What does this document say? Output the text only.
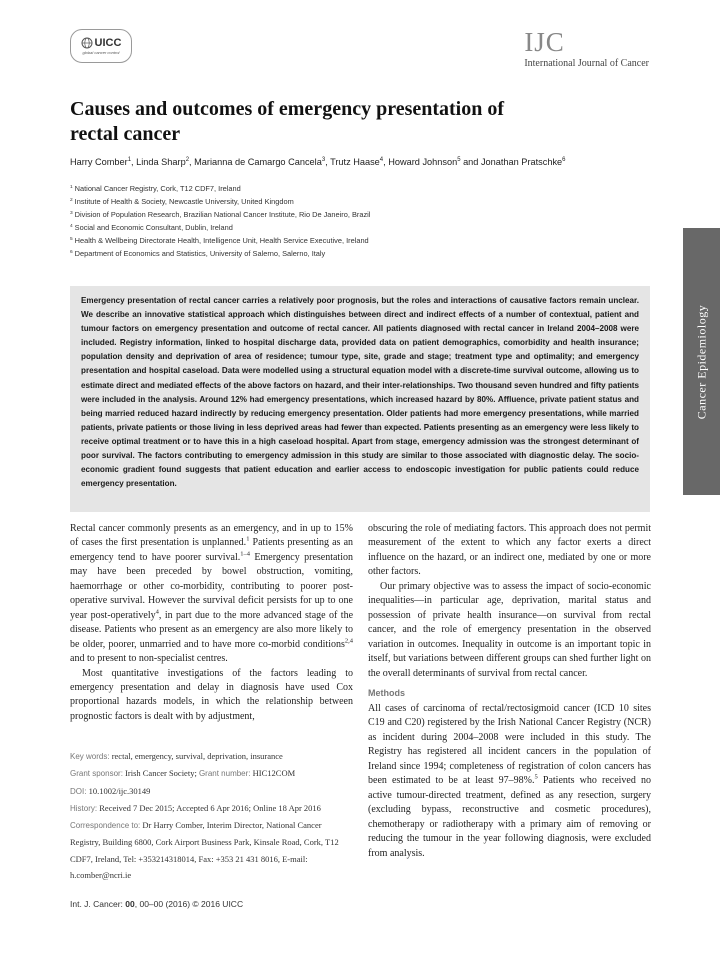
UICC
global cancer control	IJC
International Journal of Cancer
Causes and outcomes of emergency presentation of rectal cancer
Harry Comber$^1$, Linda Sharp$^2$, Marianna de Camargo Cancela$^3$, Trutz Haase$^4$, Howard Johnson$^5$ and Jonathan Pratschke$^6$
$^1$ National Cancer Registry, Cork, T12 CDF7, Ireland
$^2$ Institute of Health & Society, Newcastle University, United Kingdom
$^3$ Division of Population Research, Brazilian National Cancer Institute, Rio De Janeiro, Brazil
$^4$ Social and Economic Consultant, Dublin, Ireland
$^5$ Health & Wellbeing Directorate Health, Intelligence Unit, Health Service Executive, Ireland
$^6$ Department of Economics and Statistics, University of Salerno, Salerno, Italy
Emergency presentation of rectal cancer carries a relatively poor prognosis, but the roles and interactions of causative factors remain unclear. We describe an innovative statistical approach which distinguishes between direct and indirect effects of a number of contextual, patient and tumour factors on emergency presentation and outcome of rectal cancer. All patients diagnosed with rectal cancer in Ireland 2004–2008 were included. Registry information, linked to hospital discharge data, provided data on patient demographics, comorbidity and health insurance; population density and deprivation of area of residence; tumour type, site, grade and stage; treatment type and optimality; and emergency presentation and hospital caseload. Data were modelled using a structural equation model with a discrete-time survival outcome, allowing us to estimate direct and mediated effects of the above factors on hazard, and their inter-relationships. Two thousand seven hundred and fifty patients were included in the analysis. Around 12% had emergency presentations, which increased hazard by 80%. Affluence, private patient status and being married reduced hazard indirectly by reducing emergency presentation. Older patients had more emergency presentations, while married patients, private patients or those living in less deprived areas had fewer than expected. Patients presenting as an emergency were less likely to receive optimal treatment or to have this in a high caseload hospital. Apart from stage, emergency admission was the strongest determinant of poor survival. The factors contributing to emergency admission in this study are similar to those associated with diagnostic delay. The socio-economic gradient found suggests that patient education and earlier access to endoscopic investigation for public patients could reduce emergency presentation.
Cancer Epidemiology

Rectal cancer commonly presents as an emergency, and in up to 15% of cases the first presentation is unplanned.$^1$ Patients presenting as an emergency tend to have poorer survival.$^{1-4}$ Emergency presentation may have been preceded by bowel obstruction, vomiting, haemorrhage or other co-morbidity, contributing to poorer post-operative survival. However the survival deficit persists for up to one year post-operatively$^4$, in part due to the more advanced stage of the disease. Patients who present as an emergency are also more likely to be older, poorer, unmarried and to have more co-morbid conditions$^{2,4}$ and to present to non-specialist centres.

Most quantitative investigations of the factors leading to emergency presentation and delay in diagnosis have used Cox proportional hazards models, in which the relationship between prognostic factors is dealt with by adjustment,

Key words: rectal, emergency, survival, deprivation, insurance

Grant sponsor: Irish Cancer Society; Grant number: HIC12COM

DOI: 10.1002/ijc.30149

History: Received 7 Dec 2015; Accepted 6 Apr 2016; Online 18 Apr 2016

Correspondence to: Dr Harry Comber, Interim Director, National Cancer Registry, Building 6800, Cork Airport Business Park, Kinsale Road, Cork, T12 CDF7, Ireland, Tel: +353214318014, Fax: +353 21 431 8016, E-mail: h.comber@ncri.ie

obscuring the role of mediating factors. This approach does not permit measurement of the extent to which any factor exerts a direct influence on the hazard, or an indirect one, mediated by one or more other factors.

Our primary objective was to assess the impact of socio-economic inequalities—in particular age, deprivation, marital status and possession of private health insurance—on survival from rectal cancer, and the role of emergency presentation in the observed variation in outcomes. Inequality in outcome is an important topic in itself, but variations between different groups can shed further light on the overall determinants of survival from rectal cancer.

Methods

All cases of carcinoma of rectal/rectosigmoid cancer (ICD 10 sites C19 and C20) registered by the Irish National Cancer Registry (NCR) as incident during 2004–2008 were included in this study. The Registry has registered all incident cancers in the population of Ireland since 1994; completeness of registration of colon cancers has been estimated to be at least 97–98%.$^5$ Patients who received no active tumour-directed treatment, defined as any resection, surgery (excluding bypass, reconstructive and cosmetic procedures), chemotherapy or radiotherapy with a primary aim of removing or reducing the tumour in the year following diagnosis, were excluded from analysis.

Int. J. Cancer: 00, 00–00 (2016) © 2016 UICC
